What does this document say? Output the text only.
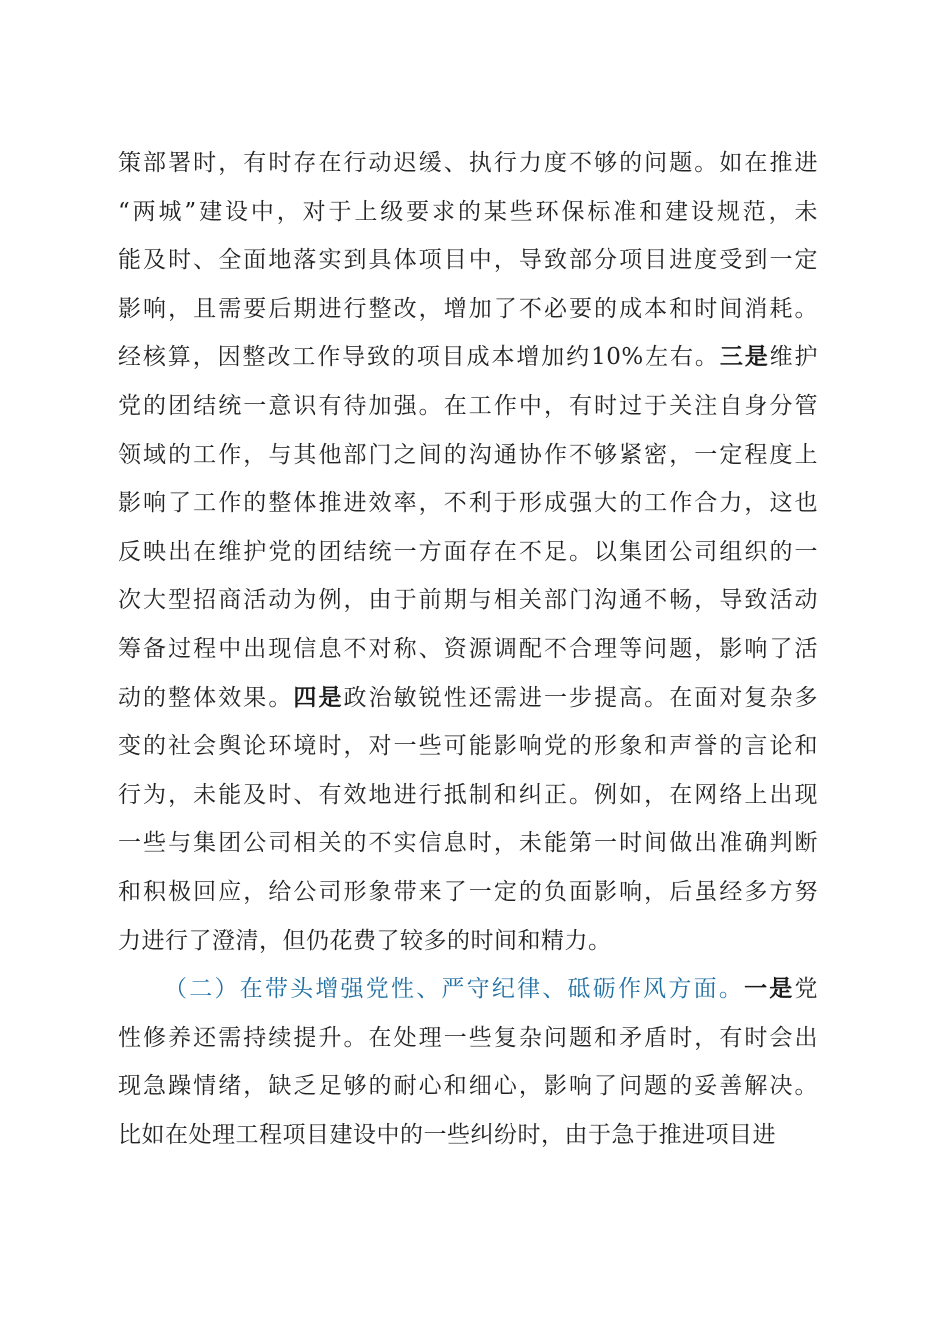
策部署时，有时存在行动迟缓、执行力度不够的问题。如在推进
“两城”建设中，对于上级要求的某些环保标准和建设规范，未
能及时、全面地落实到具体项目中，导致部分项目进度受到一定
影响，且需要后期进行整改，增加了不必要的成本和时间消耗。
经核算，因整改工作导致的项目成本增加约10%左右。三是维护
党的团结统一意识有待加强。在工作中，有时过于关注自身分管
领域的工作，与其他部门之间的沟通协作不够紧密，一定程度上
影响了工作的整体推进效率，不利于形成强大的工作合力，这也
反映出在维护党的团结统一方面存在不足。以集团公司组织的一
次大型招商活动为例，由于前期与相关部门沟通不畅，导致活动
筹备过程中出现信息不对称、资源调配不合理等问题，影响了活
动的整体效果。四是政治敏锐性还需进一步提高。在面对复杂多
变的社会舆论环境时，对一些可能影响党的形象和声誉的言论和
行为，未能及时、有效地进行抵制和纠正。例如，在网络上出现
一些与集团公司相关的不实信息时，未能第一时间做出准确判断
和积极回应，给公司形象带来了一定的负面影响，后虽经多方努
力进行了澄清，但仍花费了较多的时间和精力。
（二）在带头增强党性、严守纪律、砥砺作风方面。一是党
性修养还需持续提升。在处理一些复杂问题和矛盾时，有时会出
现急躁情绪，缺乏足够的耐心和细心，影响了问题的妥善解决。
比如在处理工程项目建设中的一些纠纷时，由于急于推进项目进
